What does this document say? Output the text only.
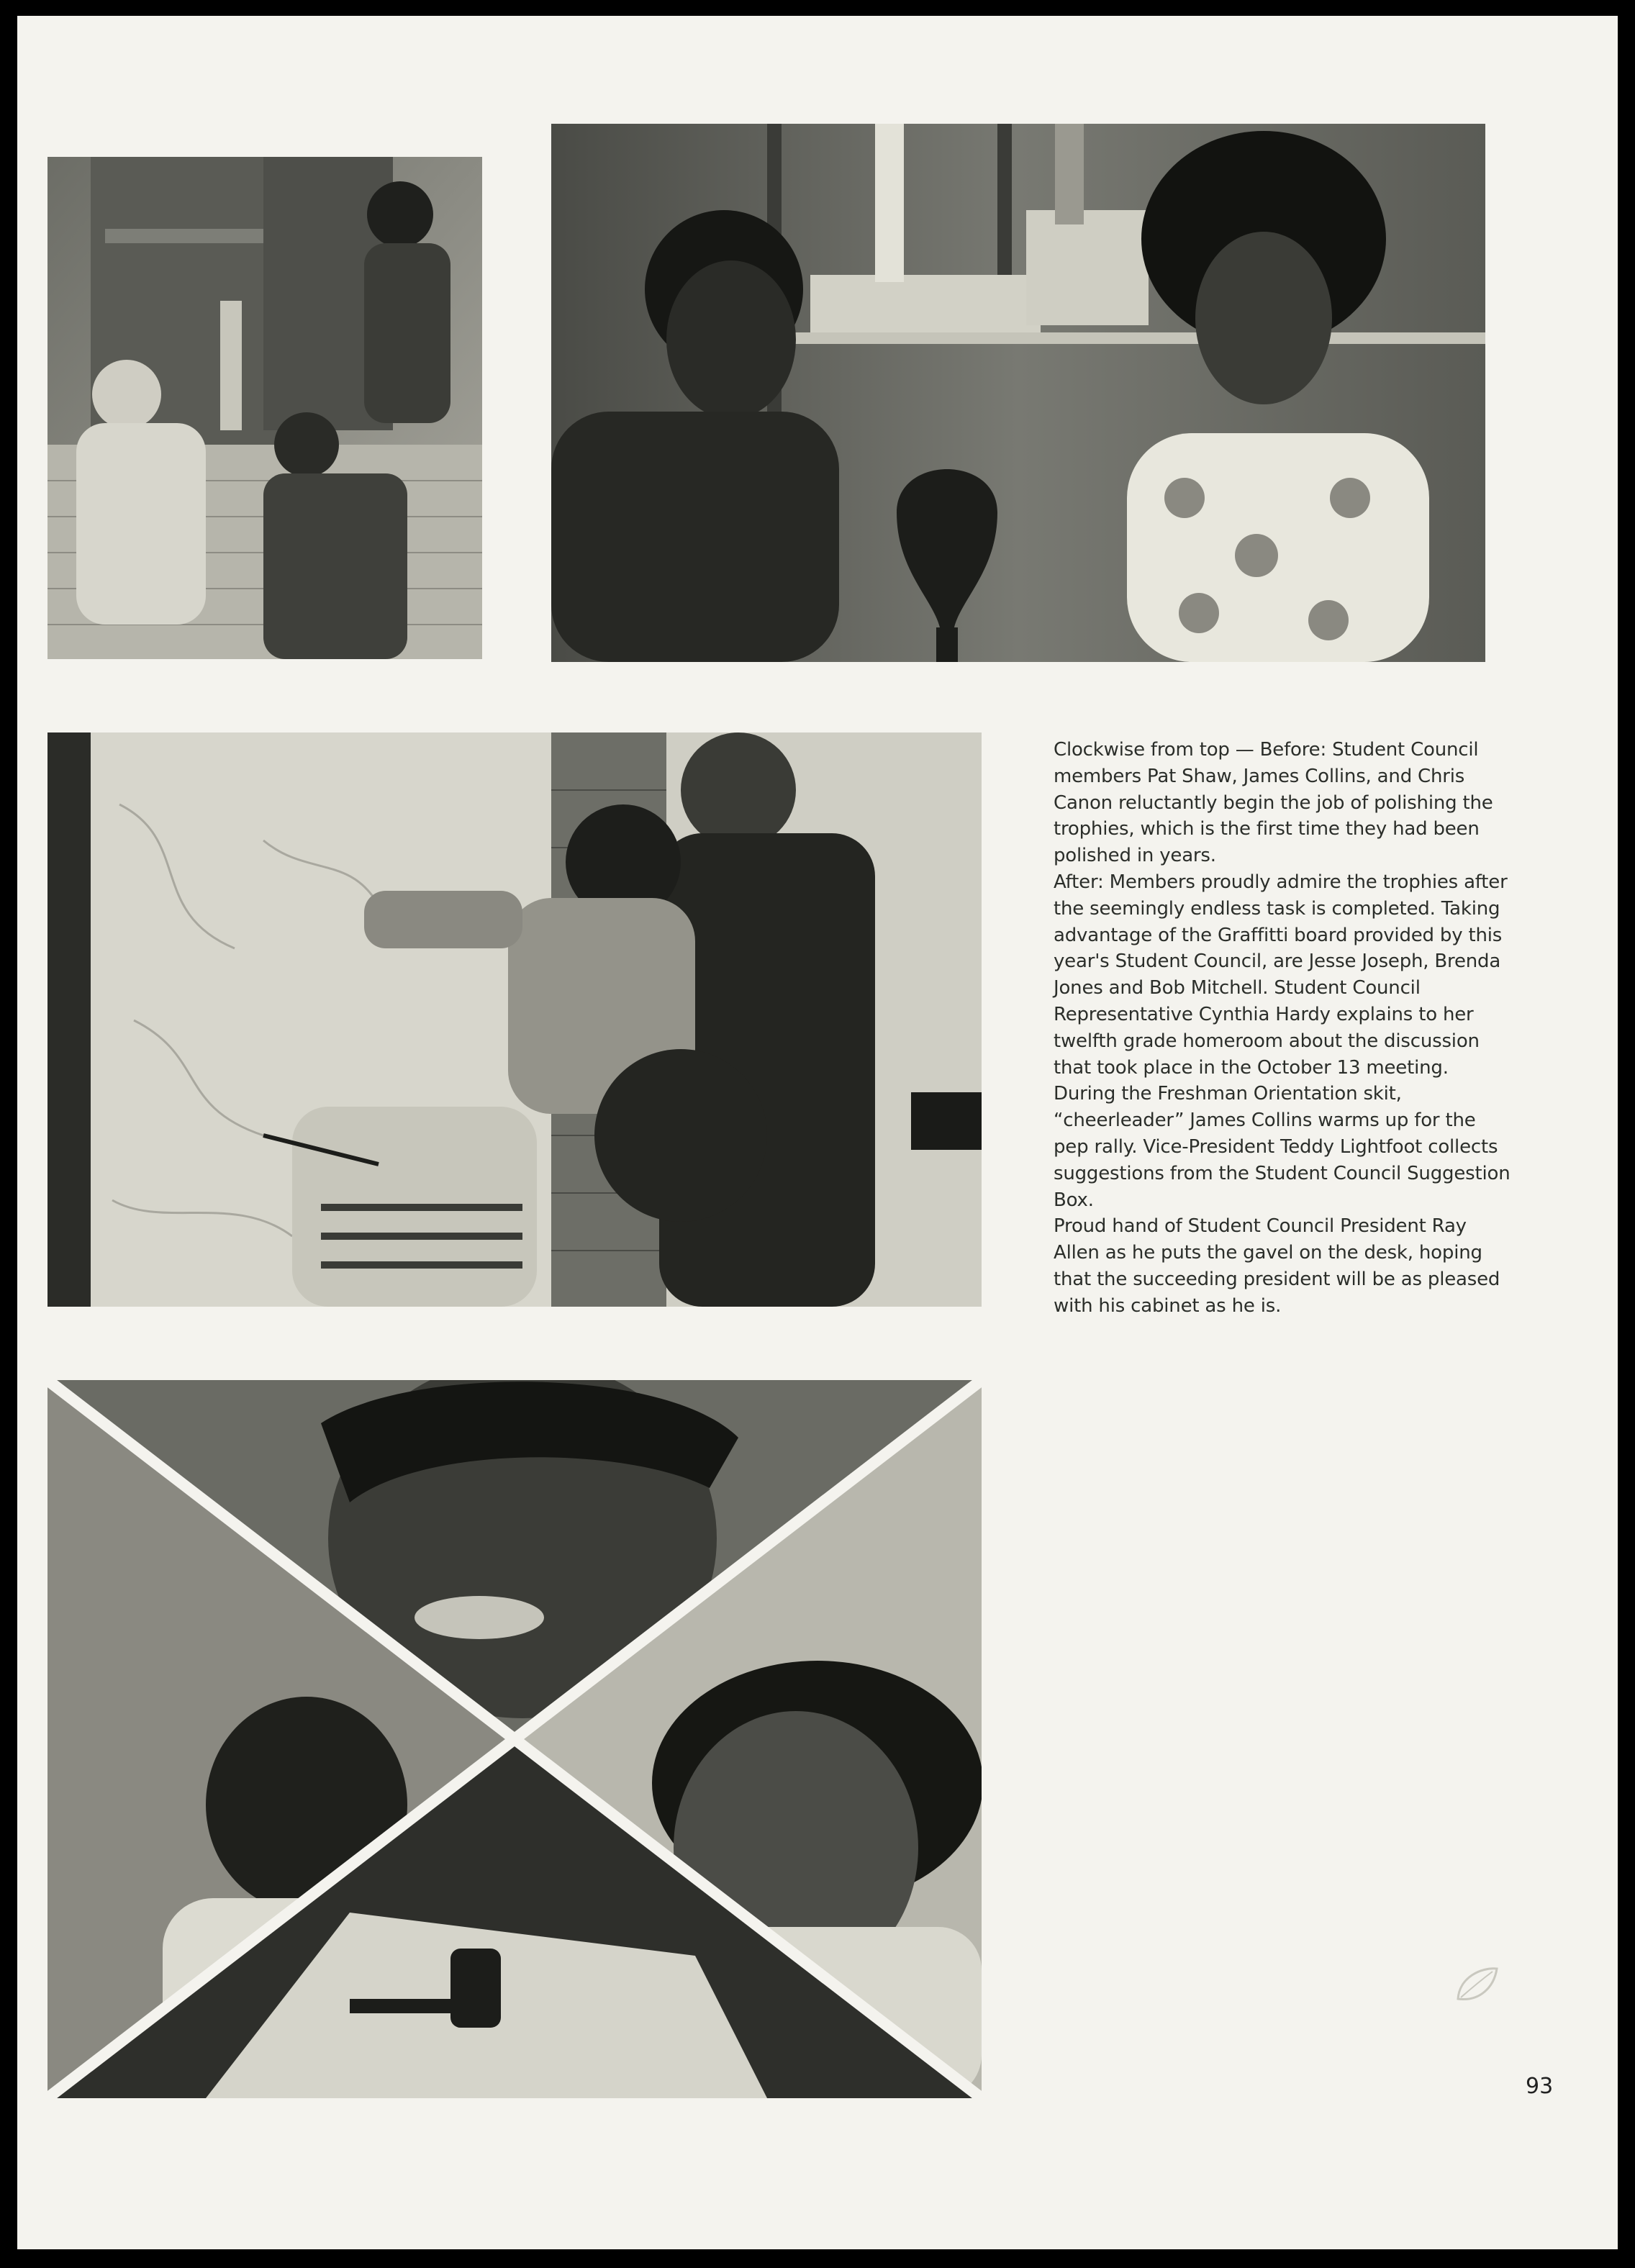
Clockwise from top — Before: Student Council members Pat Shaw, James Collins, and Chris Canon reluctantly begin the job of polishing the trophies, which is the first time they had been polished in years.

After: Members proudly admire the trophies after the seemingly endless task is completed. Taking advantage of the Graffitti board provided by this year's Student Council, are Jesse Joseph, Brenda Jones and Bob Mitchell. Student Council Representative Cynthia Hardy explains to her twelfth grade homeroom about the discussion that took place in the October 13 meeting.

During the Freshman Orientation skit, “cheerleader” James Collins warms up for the pep rally. Vice-President Teddy Lightfoot collects suggestions from the Student Council Suggestion Box.

Proud hand of Student Council President Ray Allen as he puts the gavel on the desk, hoping that the succeeding president will be as pleased with his cabinet as he is.

93
